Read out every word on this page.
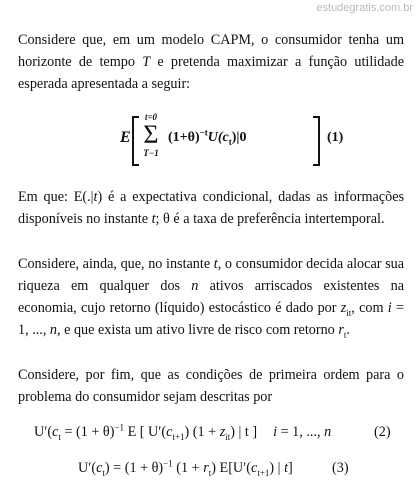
estudegratis.com.br
Considere que, em um modelo CAPM, o consumidor tenha um horizonte de tempo T e pretenda maximizar a função utilidade esperada apresentada a seguir:
E
t=0
Σ
T−1
$(1+\theta)^{-t}U(c_t)|0$	(1)
Em que: E(.|t) é a expectativa condicional, dadas as informações disponíveis no instante t; θ é a taxa de preferência intertemporal.
Considere, ainda, que, no instante t, o consumidor decida alocar sua riqueza em qualquer dos n ativos arriscados existentes na economia, cujo retorno (líquido) estocástico é dado por $z_{it}$, com i = 1, ..., n, e que exista um ativo livre de risco com retorno $r_t$.
Considere, por fim, que as condições de primeira ordem para o problema do consumidor sejam descritas por
$U'(c_t = (1 + \theta)^{-1}$ E [ $U'(c_{t+1}) (1 + z_{it})$ | t ] i = 1, ..., n	(2)
$U'(c_t) = (1 + \theta)^{-1}$ $(1 + r_t)$ $E[U'(c_{t+1})$ | t]	(3)
